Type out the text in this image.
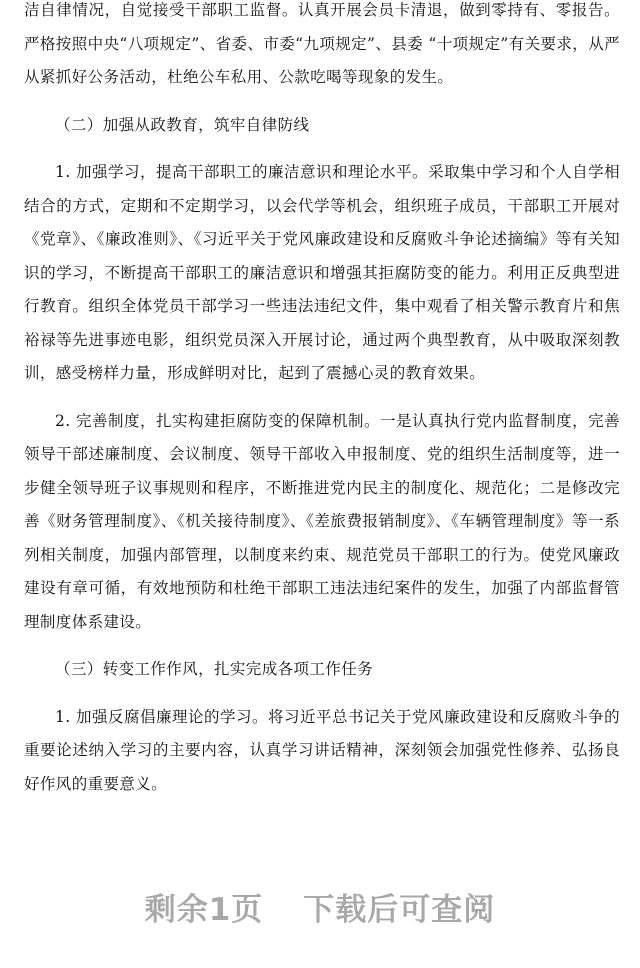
洁自律情况，自觉接受干部职工监督。认真开展会员卡清退，做到零持有、零报告。严格按照中央“八项规定”、省委、市委“九项规定”、县委 “十项规定”有关要求，从严从紧抓好公务活动，杜绝公车私用、公款吃喝等现象的发生。

（二）加强从政教育，筑牢自律防线

1. 加强学习，提高干部职工的廉洁意识和理论水平。采取集中学习和个人自学相结合的方式，定期和不定期学习，以会代学等机会，组织班子成员，干部职工开展对《党章》、《廉政准则》、《习近平关于党风廉政建设和反腐败斗争论述摘编》等有关知识的学习，不断提高干部职工的廉洁意识和增强其拒腐防变的能力。利用正反典型进行教育。组织全体党员干部学习一些违法违纪文件，集中观看了相关警示教育片和焦裕禄等先进事迹电影，组织党员深入开展讨论，通过两个典型教育，从中吸取深刻教训，感受榜样力量，形成鲜明对比，起到了震撼心灵的教育效果。

2. 完善制度，扎实构建拒腐防变的保障机制。一是认真执行党内监督制度，完善领导干部述廉制度、会议制度、领导干部收入申报制度、党的组织生活制度等，进一步健全领导班子议事规则和程序，不断推进党内民主的制度化、规范化；二是修改完善《财务管理制度》、《机关接待制度》、《差旅费报销制度》、《车辆管理制度》等一系列相关制度，加强内部管理，以制度来约束、规范党员干部职工的行为。使党风廉政建设有章可循，有效地预防和杜绝干部职工违法违纪案件的发生，加强了内部监督管理制度体系建设。

（三）转变工作作风，扎实完成各项工作任务

1. 加强反腐倡廉理论的学习。将习近平总书记关于党风廉政建设和反腐败斗争的重要论述纳入学习的主要内容，认真学习讲话精神，深刻领会加强党性修养、弘扬良好作风的重要意义。

剩余1页 下载后可查阅
